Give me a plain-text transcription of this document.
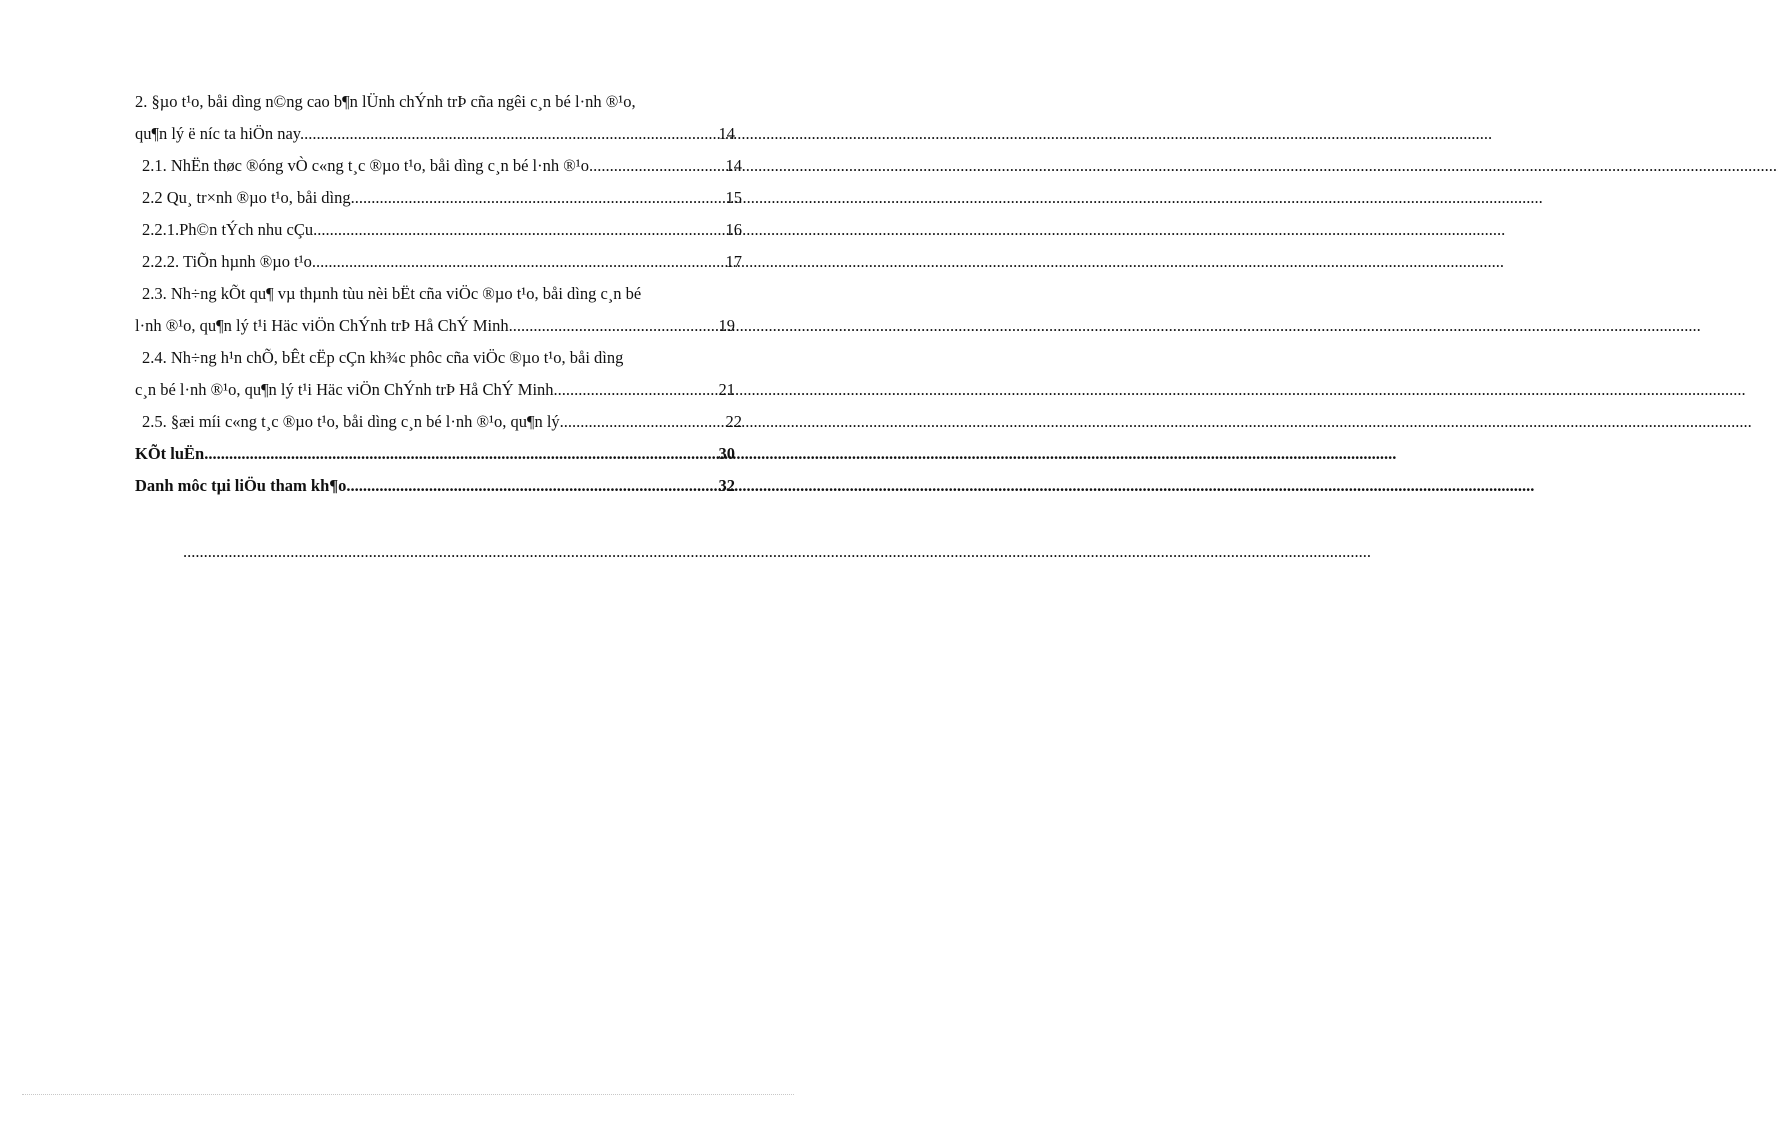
2. §µo t¹o, båi dìng n©ng cao b¶n lÜnh chÝnh trÞ cña ngêi c¸n bé l·nh ®¹o,
qu¶n lý ë níc ta hiÖn nay. .....	14
2.1. NhËn thøc ®óng vÒ c«ng t¸c ®µo t¹o, båi dìng c¸n bé l·nh ®¹o .....	14
2.2 Qu¸ tr×nh ®µo t¹o, båi dìng. .....	15
2.2.1.Ph©n tÝch nhu cÇu. .....	16
2.2.2. TiÕn hµnh ®µo t¹o. .....	17
2.3. Nh÷ng kÕt qu¶ vµ thµnh tùu nèi bËt cña viÖc ®µo t¹o, båi dìng c¸n bé
l·nh ®¹o, qu¶n lý t¹i Häc viÖn ChÝnh trÞ Hå ChÝ Minh. .....	19
2.4. Nh÷ng h¹n chÕ, bÊt cËp cÇn kh¾c phôc cña viÖc ®µo t¹o, båi dìng
c¸n bé l·nh ®¹o, qu¶n lý t¹i Häc viÖn ChÝnh trÞ Hå ChÝ Minh. .....	21
2.5. §æi míi c«ng t¸c ®µo t¹o, båi dìng c¸n bé l·nh ®¹o, qu¶n lý. .....	22
KÕt luËn. .....	30
Danh môc tµi liÖu tham kh¶o .....	32
.....
